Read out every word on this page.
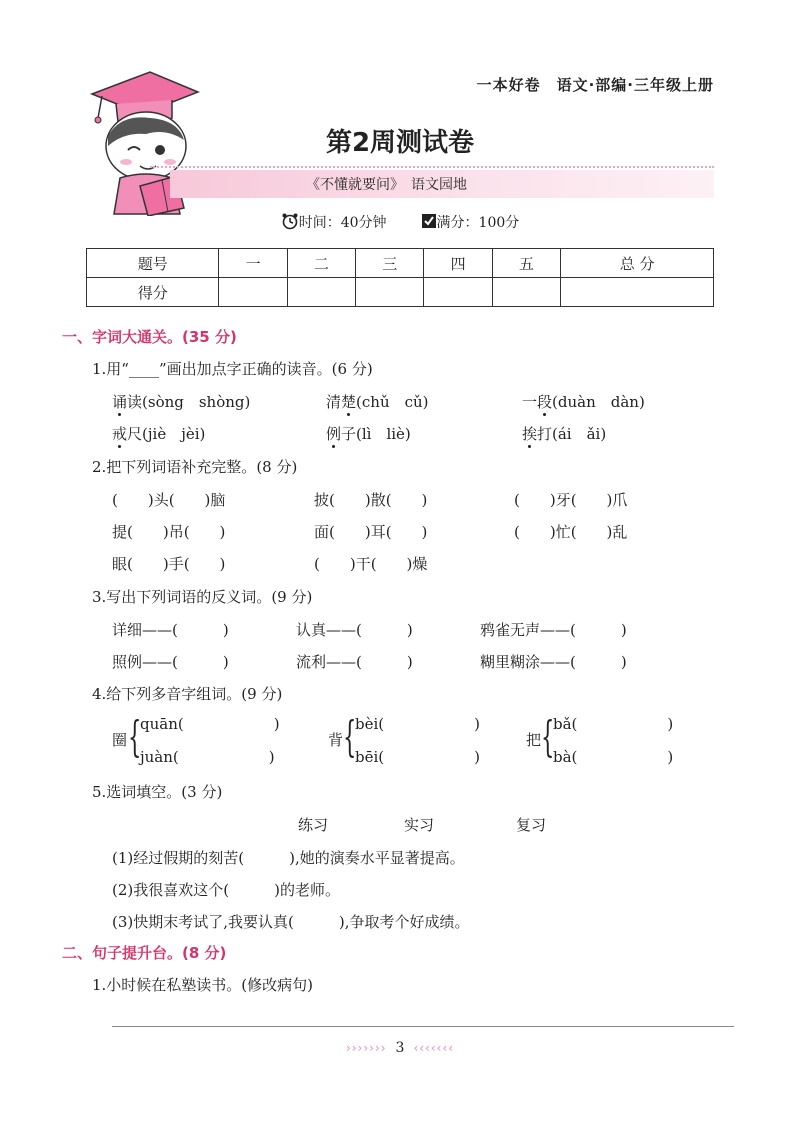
一本好卷　语文·部编·三年级上册
第2周测试卷
《不懂就要问》　语文园地
时间：40分钟	满分：100分
题号	一	二	三	四	五	总 分
得分						
一、字词大通关。(35 分)
1.用“____”画出加点字正确的读音。(6 分)
诵读(sòng　shòng)	清楚(chǔ　cǔ)	一段(duàn　dàn)
戒尺(jiè　jèi)	例子(lì　liè)	挨打(ái　ǎi)
2.把下列词语补充完整。(8 分)
(　　)头(　　)脑	披(　　)散(　　)	(　　)牙(　　)爪
提(　　)吊(　　)	面(　　)耳(　　)	(　　)忙(　　)乱
眼(　　)手(　　)	(　　)干(　　)燥
3.写出下列词语的反义词。(9 分)
详细——(　　　)	认真——(　　　)	鸦雀无声——(　　　)
照例——(　　　)	流利——(　　　)	糊里糊涂——(　　　)
4.给下列多音字组词。(9 分)
圈 {
quān(　　　　　　)
juàn(　　　　　　)
背 {
bèi(　　　　　　)
bēi(　　　　　　)
把 {
bǎ(　　　　　　)
bà(　　　　　　)
5.选词填空。(3 分)
练习	实习	复习
(1)经过假期的刻苦(　　　),她的演奏水平显著提高。
(2)我很喜欢这个(　　　)的老师。
(3)快期末考试了,我要认真(　　　),争取考个好成绩。
二、句子提升台。(8 分)
1.小时候在私塾读书。(修改病句)
››››››› 3 ‹‹‹‹‹‹‹
